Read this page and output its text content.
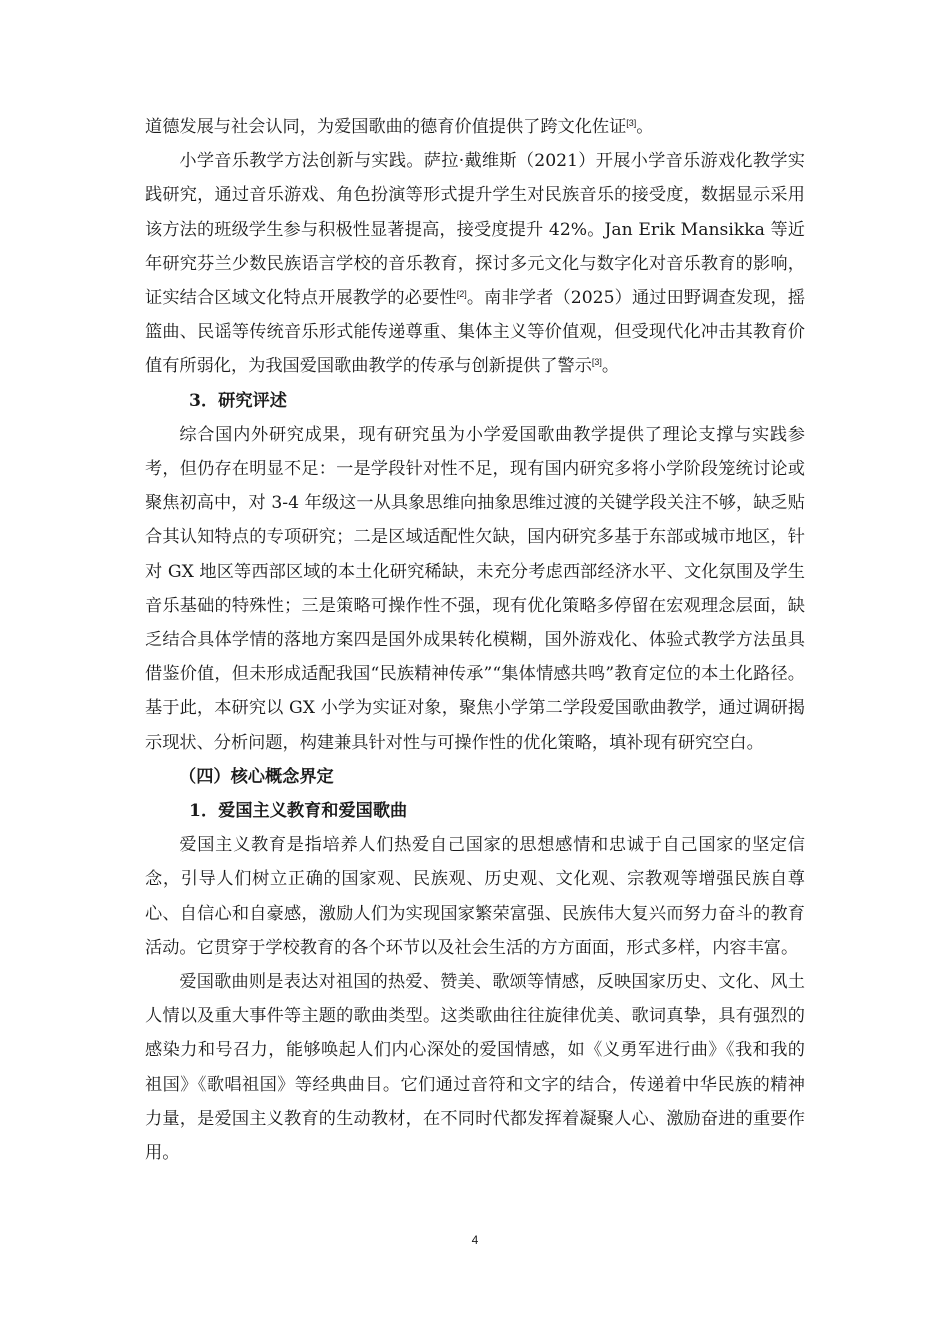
道德发展与社会认同，为爱国歌曲的德育价值提供了跨文化佐证[3]。

小学音乐教学方法创新与实践。萨拉·戴维斯（2021）开展小学音乐游戏化教学实践研究，通过音乐游戏、角色扮演等形式提升学生对民族音乐的接受度，数据显示采用该方法的班级学生参与积极性显著提高，接受度提升 42%。Jan Erik Mansikka 等近年研究芬兰少数民族语言学校的音乐教育，探讨多元文化与数字化对音乐教育的影响，证实结合区域文化特点开展教学的必要性[2]。南非学者（2025）通过田野调查发现，摇篮曲、民谣等传统音乐形式能传递尊重、集体主义等价值观，但受现代化冲击其教育价值有所弱化，为我国爱国歌曲教学的传承与创新提供了警示[3]。

3．研究评述

综合国内外研究成果，现有研究虽为小学爱国歌曲教学提供了理论支撑与实践参考，但仍存在明显不足：一是学段针对性不足，现有国内研究多将小学阶段笼统讨论或聚焦初高中，对 3-4 年级这一从具象思维向抽象思维过渡的关键学段关注不够，缺乏贴合其认知特点的专项研究；二是区域适配性欠缺，国内研究多基于东部或城市地区，针对 GX 地区等西部区域的本土化研究稀缺，未充分考虑西部经济水平、文化氛围及学生音乐基础的特殊性；三是策略可操作性不强，现有优化策略多停留在宏观理念层面，缺乏结合具体学情的落地方案四是国外成果转化模糊，国外游戏化、体验式教学方法虽具借鉴价值，但未形成适配我国“民族精神传承”“集体情感共鸣”教育定位的本土化路径。基于此，本研究以 GX 小学为实证对象，聚焦小学第二学段爱国歌曲教学，通过调研揭示现状、分析问题，构建兼具针对性与可操作性的优化策略，填补现有研究空白。

（四）核心概念界定

1．爱国主义教育和爱国歌曲

爱国主义教育是指培养人们热爱自己国家的思想感情和忠诚于自己国家的坚定信念，引导人们树立正确的国家观、民族观、历史观、文化观、宗教观等增强民族自尊心、自信心和自豪感，激励人们为实现国家繁荣富强、民族伟大复兴而努力奋斗的教育活动。它贯穿于学校教育的各个环节以及社会生活的方方面面，形式多样，内容丰富。

爱国歌曲则是表达对祖国的热爱、赞美、歌颂等情感，反映国家历史、文化、风土人情以及重大事件等主题的歌曲类型。这类歌曲往往旋律优美、歌词真挚，具有强烈的感染力和号召力，能够唤起人们内心深处的爱国情感，如《义勇军进行曲》《我和我的祖国》《歌唱祖国》等经典曲目。它们通过音符和文字的结合，传递着中华民族的精神力量，是爱国主义教育的生动教材，在不同时代都发挥着凝聚人心、激励奋进的重要作用。

4
